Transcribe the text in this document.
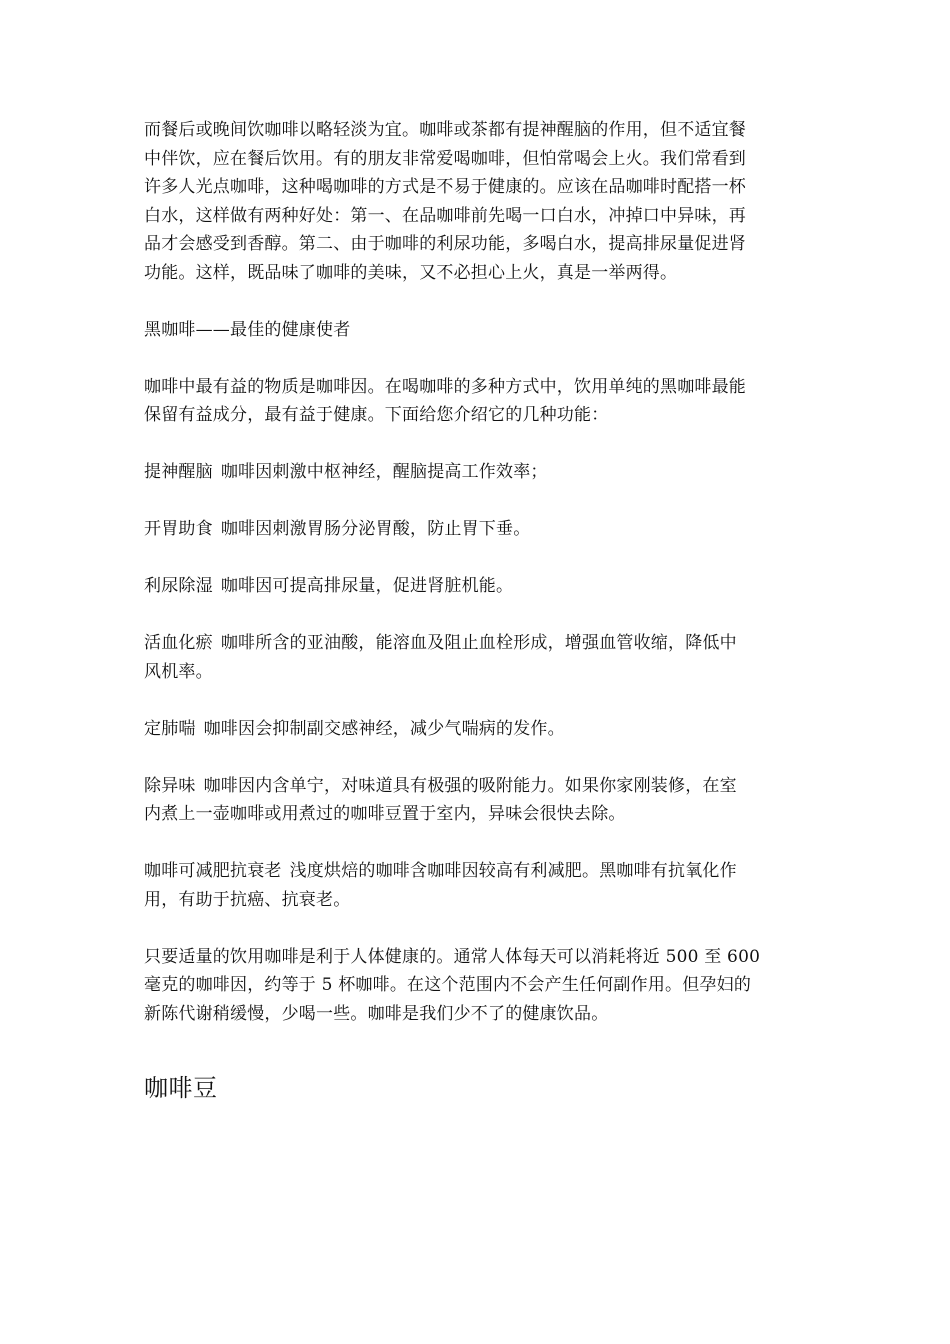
而餐后或晚间饮咖啡以略轻淡为宜。咖啡或茶都有提神醒脑的作用，但不适宜餐
中伴饮，应在餐后饮用。有的朋友非常爱喝咖啡，但怕常喝会上火。我们常看到
许多人光点咖啡，这种喝咖啡的方式是不易于健康的。应该在品咖啡时配搭一杯
白水，这样做有两种好处：第一、在品咖啡前先喝一口白水，冲掉口中异味，再
品才会感受到香醇。第二、由于咖啡的利尿功能，多喝白水，提高排尿量促进肾
功能。这样，既品味了咖啡的美味，又不必担心上火，真是一举两得。
黑咖啡——最佳的健康使者
咖啡中最有益的物质是咖啡因。在喝咖啡的多种方式中，饮用单纯的黑咖啡最能
保留有益成分，最有益于健康。下面给您介绍它的几种功能：
提神醒脑 咖啡因刺激中枢神经，醒脑提高工作效率；
开胃助食 咖啡因刺激胃肠分泌胃酸，防止胃下垂。
利尿除湿 咖啡因可提高排尿量，促进肾脏机能。
活血化瘀 咖啡所含的亚油酸，能溶血及阻止血栓形成，增强血管收缩，降低中
风机率。
定肺喘 咖啡因会抑制副交感神经，减少气喘病的发作。
除异味 咖啡因内含单宁，对味道具有极强的吸附能力。如果你家刚装修，在室
内煮上一壶咖啡或用煮过的咖啡豆置于室内，异味会很快去除。
咖啡可减肥抗衰老 浅度烘焙的咖啡含咖啡因较高有利减肥。黑咖啡有抗氧化作
用，有助于抗癌、抗衰老。
只要适量的饮用咖啡是利于人体健康的。通常人体每天可以消耗将近 500 至 600
毫克的咖啡因，约等于 5 杯咖啡。在这个范围内不会产生任何副作用。但孕妇的
新陈代谢稍缓慢，少喝一些。咖啡是我们少不了的健康饮品。
咖啡豆
